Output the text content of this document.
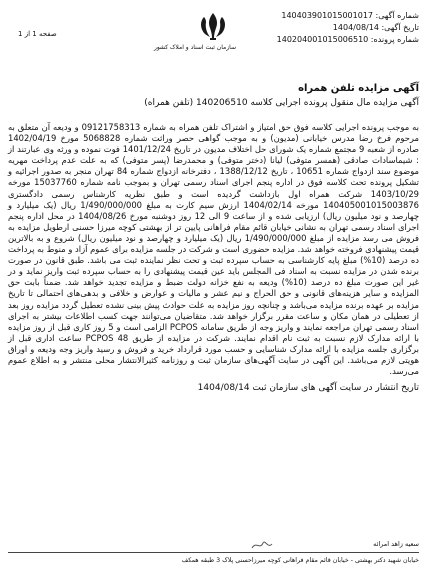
شماره آگهی: 140403901015001017
تاریخ آگهی: 1404/08/14
شماره پرونده: 140204001015006510
سازمان ثبت اسناد و املاک کشور
صفحه 1 از 1
آگهی مزایده تلفن همراه
آگهی مزایده مال منقول پرونده اجرایی کلاسه 140206510 (تلفن همراه)
به موجب پرونده اجرایی کلاسه فوق حق امتیاز و اشتراک تلفن همراه به شماره 09121758313 و ودیعه آن متعلق به مرحوم فرخ رضا مدرس خیابانی (مدیون) و به موجب گواهی حصر وراثت شماره 5068828 مورخ 1402/04/19 صادره از شعبه 9 مجتمع شماره یک شورای حل اختلاف مدیون در تاریخ 1401/12/24 فوت نموده و ورثه وی عبارتند از : شیماسادات صادقی (همسر متوفی) لیانا (دختر متوفی) و محمدرضا (پسر متوفی) که به علت عدم پرداخت مهریه موضوع سند ازدواج شماره 10651 ، تاریخ 1388/12/12 ، دفترخانه ازدواج شماره 84 تهران منجر به صدور اجرائیه و تشکیل پرونده تحت کلاسه فوق در اداره پنجم اجرای اسناد رسمی تهران و بموجب نامه شماره 15037760 مورخه 1403/10/29 شرکت همراه اول بازداشت گردیده است و طبق نظریه کارشناس رسمی دادگستری 140405001015003876 مورخه 1404/02/14 ارزش سیم کارت به مبلغ 1/490/000/000 ریال (یک میلیارد و چهارصد و نود میلیون ریال) ارزیابی شده و از ساعت 9 الی 12 روز دوشنبه مورخ 1404/08/26 در محل اداره پنجم اجرای اسناد رسمی تهران به نشانی خیابان قائم مقام فراهانی پایین تر از بهشتی کوچه میرزا حسنی ارطویل مزایده به فروش می رسد مزایده از مبلغ 1/490/000/000 ریال (یک میلیارد و چهارصد و نود میلیون ریال) شروع و به بالاترین قیمت پیشنهادی فروخته خواهد شد. مزایده حضوری است و شرکت در جلسه مزایده برای عموم آزاد و منوط به پرداخت ده درصد (10%) مبلغ پایه کارشناسی به حساب سپرده ثبت و تحت نظر نماینده ثبت می باشد. طبق قانون در صورت برنده شدن در مزایده نسبت به اسناد فی المجلس باید عین قیمت پیشنهادی را به حساب سپرده ثبت واریز نماید و در غیر این صورت مبلغ ده درصد (10%) ودیعه به نفع خزانه دولت ضبط و مزایده تجدید خواهد شد. ضمناً بابت حق المزایده و سایر هزینه‌های قانونی و حق الحراج و نیم عشر و مالیات و عوارض و خلافی و بدهی‌های احتمالی تا تاریخ مزایده بر عهده برنده مزایده می‌باشد و چنانچه روز مزایده به علت حوادث پیش بینی نشده تعطیل گردد مزایده روز بعد از تعطیلی در همان مکان و ساعت مقرر برگزار خواهد شد. متقاضیان می‌توانند جهت کسب اطلاعات بیشتر به اجرای اسناد رسمی تهران مراجعه نمایند و واریز وجه از طریق سامانه PCPOS الزامی است و 5 روز کاری قبل از روز مزایده با ارائه مدارک لازم نسبت به ثبت نام اقدام نمایند. شرکت در مزایده از طریق 48 PCPOS ساعت اداری قبل از برگزاری جلسه مزایده با ارائه مدارک شناسایی و حسب مورد قرارداد خرید و فروش و رسید واریز وجه ودیعه و اوراق هویتی لازم می‌باشد. این آگهی در سایت آگهی‌های سازمان ثبت و روزنامه کثیرالانتشار محلی منتشر و به اطلاع عموم می‌رسد.
تاریخ انتشار در سایت آگهی های سازمان ثبت 1404/08/14
سعیه زاهد امرائه
خیابان شهید دکتر بهشتی - خیابان قائم مقام فراهانی کوچه میرزاحسنی پلاک 3 طبقه همکف
